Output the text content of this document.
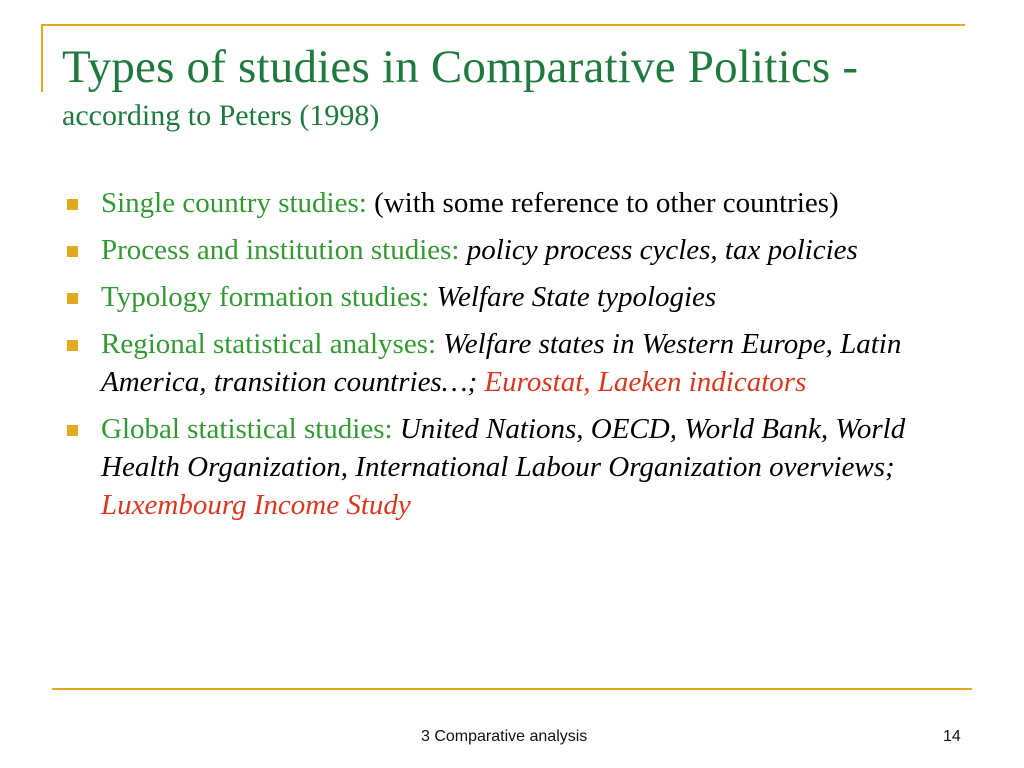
Types of studies in Comparative Politics -
according to Peters (1998)
Single country studies: (with some reference to other countries)
Process and institution studies: policy process cycles, tax policies
Typology formation studies: Welfare State typologies
Regional statistical analyses: Welfare states in Western Europe, Latin America, transition countries…; Eurostat, Laeken indicators
Global statistical studies: United Nations, OECD, World Bank, World Health Organization, International Labour Organization overviews; Luxembourg Income Study
3 Comparative analysis	14
